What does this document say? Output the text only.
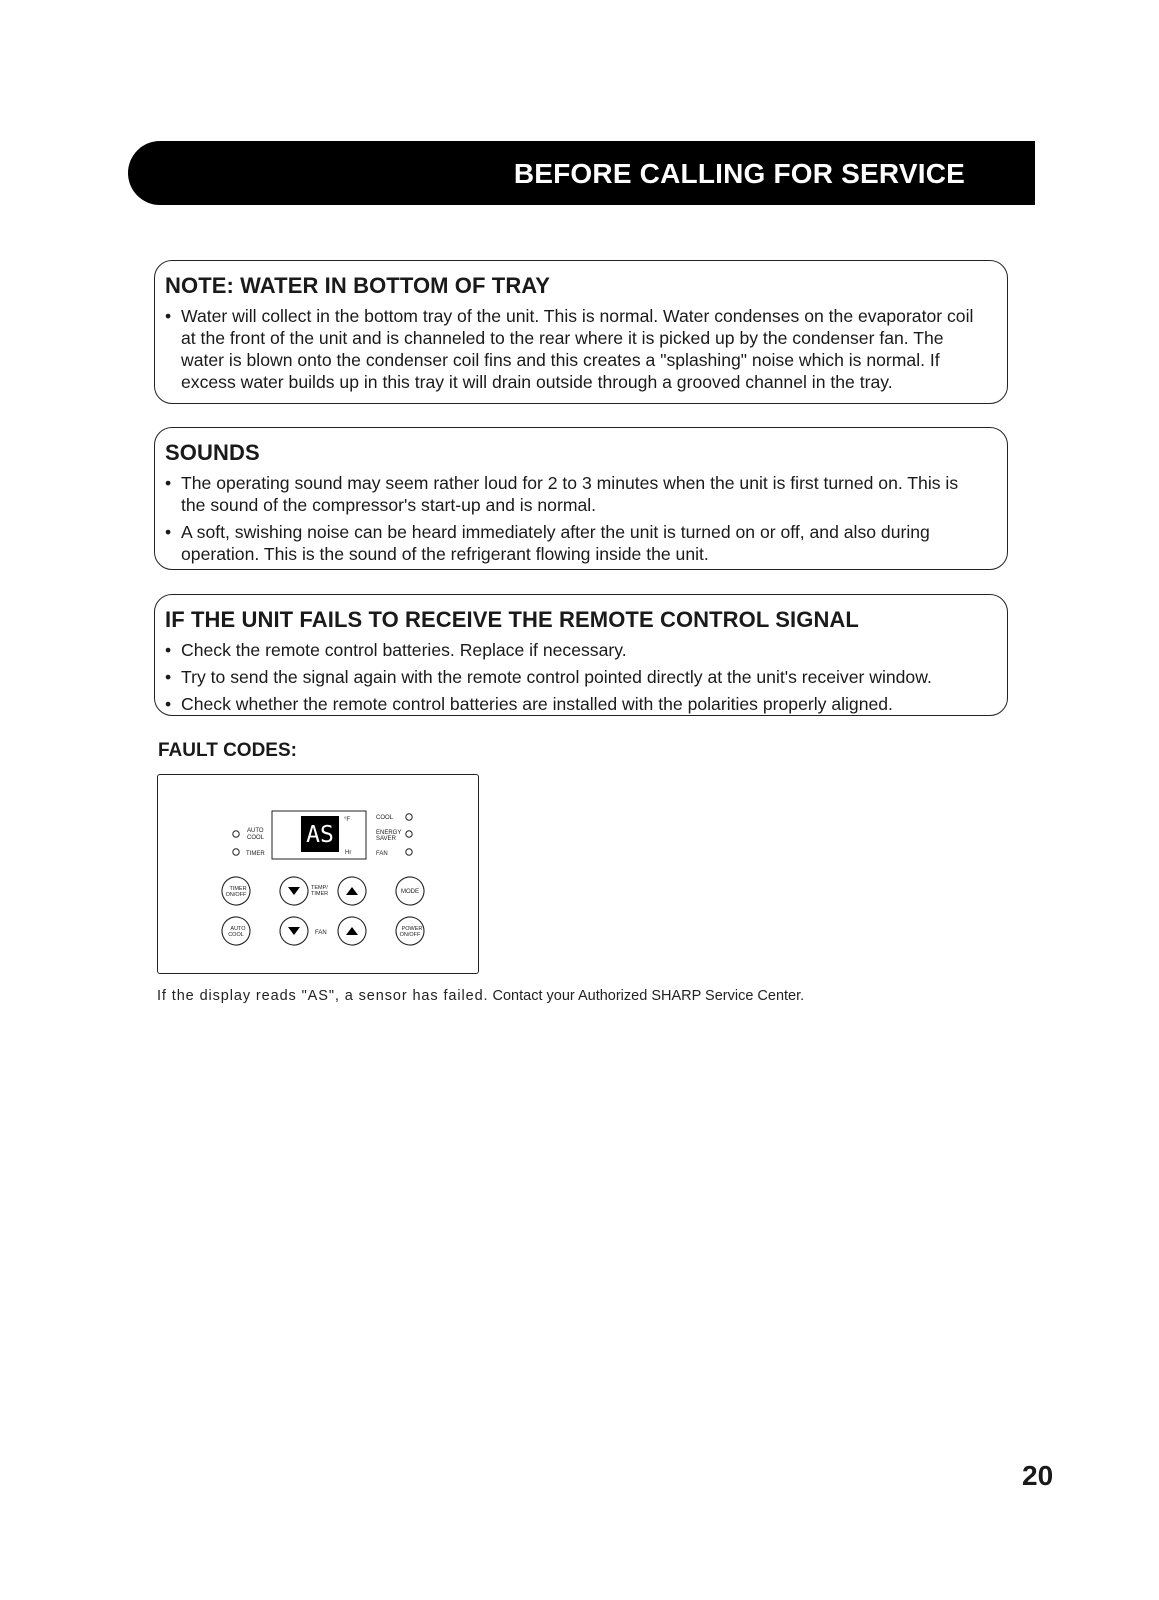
BEFORE CALLING FOR SERVICE
NOTE: WATER IN BOTTOM OF TRAY
• Water will collect in the bottom tray of the unit. This is normal. Water condenses on the evaporator coil at the front of the unit and is channeled to the rear where it is picked up by the condenser fan. The water is blown onto the condenser coil fins and this creates a "splashing" noise which is normal. If excess water builds up in this tray it will drain outside through a grooved channel in the tray.
SOUNDS
• The operating sound may seem rather loud for 2 to 3 minutes when the unit is first turned on. This is the sound of the compressor's start-up and is normal.
• A soft, swishing noise can be heard immediately after the unit is turned on or off, and also during operation. This is the sound of the refrigerant flowing inside the unit.
IF THE UNIT FAILS TO RECEIVE THE REMOTE CONTROL SIGNAL
• Check the remote control batteries. Replace if necessary.
• Try to send the signal again with the remote control pointed directly at the unit's receiver window.
• Check whether the remote control batteries are installed with the polarities properly aligned.
FAULT CODES:
AUTO
COOL
TIMER
AS
°F
Hr
COOL
ENERGY
SAVER
FAN
TIMER
ON/OFF
TEMP/
TIMER	MODE
AUTO
COOL	FAN
POWER
ON/OFF
If the display reads "AS", a sensor has failed. Contact your Authorized SHARP Service Center.
20
